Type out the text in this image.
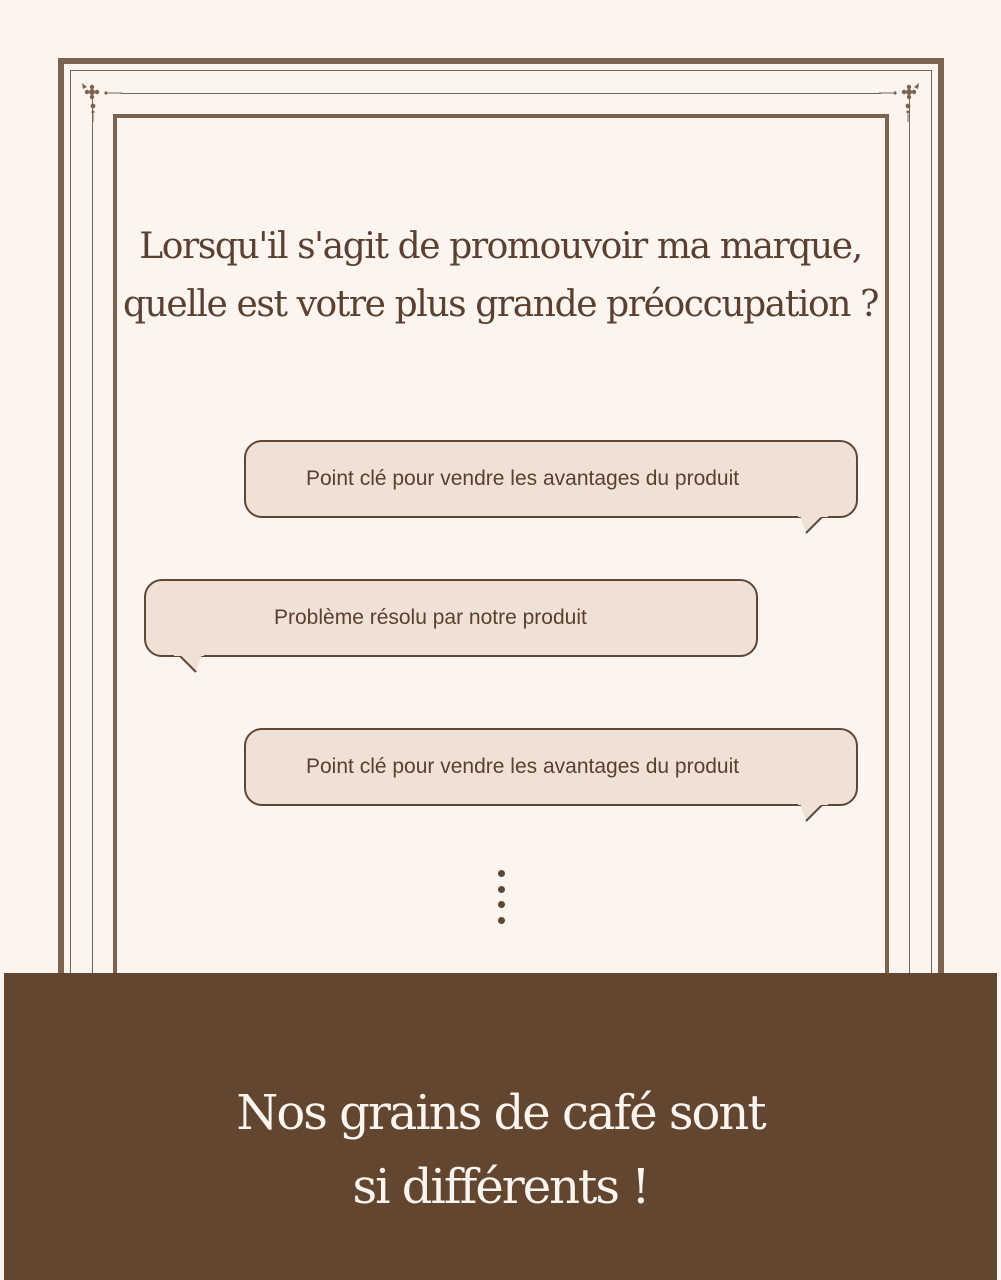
Lorsqu'il s'agit de promouvoir ma marque,
quelle est votre plus grande préoccupation ?
Point clé pour vendre les avantages du produit
Problème résolu par notre produit
Point clé pour vendre les avantages du produit
Nos grains de café sont
si différents !
